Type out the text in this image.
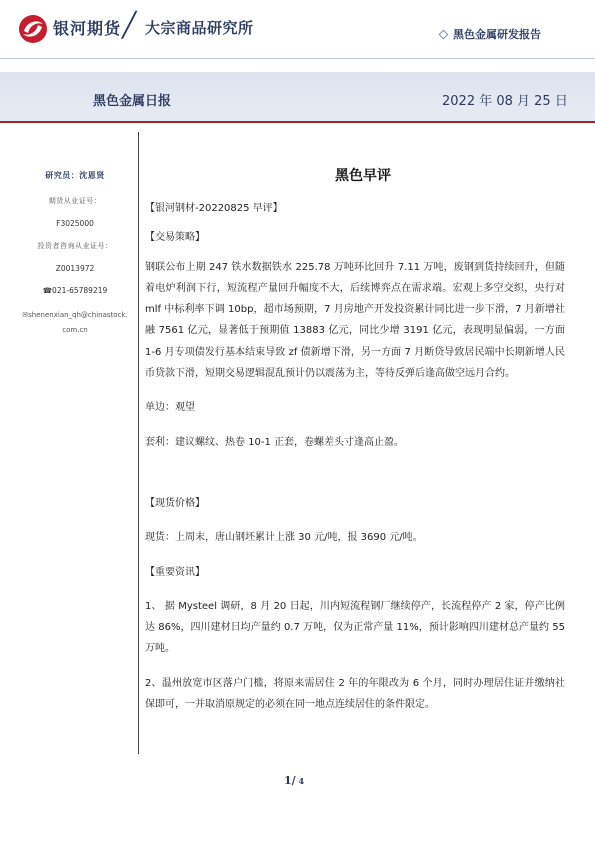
银河期货 ╱ 大宗商品研究所	黑色金属研发报告
黑色金属日报	2022 年 08 月 25 日
研究员：沈恩贤
期货从业证号：
F3025000
投资者咨询从业证号：
Z0013972
☎021-65789219
✉shenenxian_qh@chinastock.com.cn
黑色早评
【银河钢材-20220825 早评】
【交易策略】
钢联公布上期 247 铁水数据铁水 225.78 万吨环比回升 7.11 万吨，废钢到货持续回升，但随着电炉利润下行，短流程产量回升幅度不大，后续博弈点在需求端。宏观上多空交织，央行对 mlf 中标利率下调 10bp，超市场预期，7 月房地产开发投资累计同比进一步下滑，7 月新增社融 7561 亿元，显著低于预期值 13883 亿元，同比少增 3191 亿元，表现明显偏弱，一方面 1-6 月专项债发行基本结束导致 zf 债新增下滑，另一方面 7 月断贷导致居民端中长期新增人民币贷款下滑，短期交易逻辑混乱预计仍以震荡为主，等待反弹后逢高做空远月合约。
单边：观望
套利：建议螺纹、热卷 10-1 正套，卷螺差头寸逢高止盈。
【现货价格】
现货：上周末，唐山钢坯累计上涨 30 元/吨，报 3690 元/吨。
【重要资讯】
1、 据 Mysteel 调研，8 月 20 日起，川内短流程钢厂继续停产，长流程停产 2 家，停产比例达 86%，四川建材日均产量约 0.7 万吨，仅为正常产量 11%，预计影响四川建材总产量约 55 万吨。
2、温州放宽市区落户门槛，将原来需居住 2 年的年限改为 6 个月，同时办理居住证并缴纳社保即可，一并取消原规定的必须在同一地点连续居住的条件限定。
1/ 4
